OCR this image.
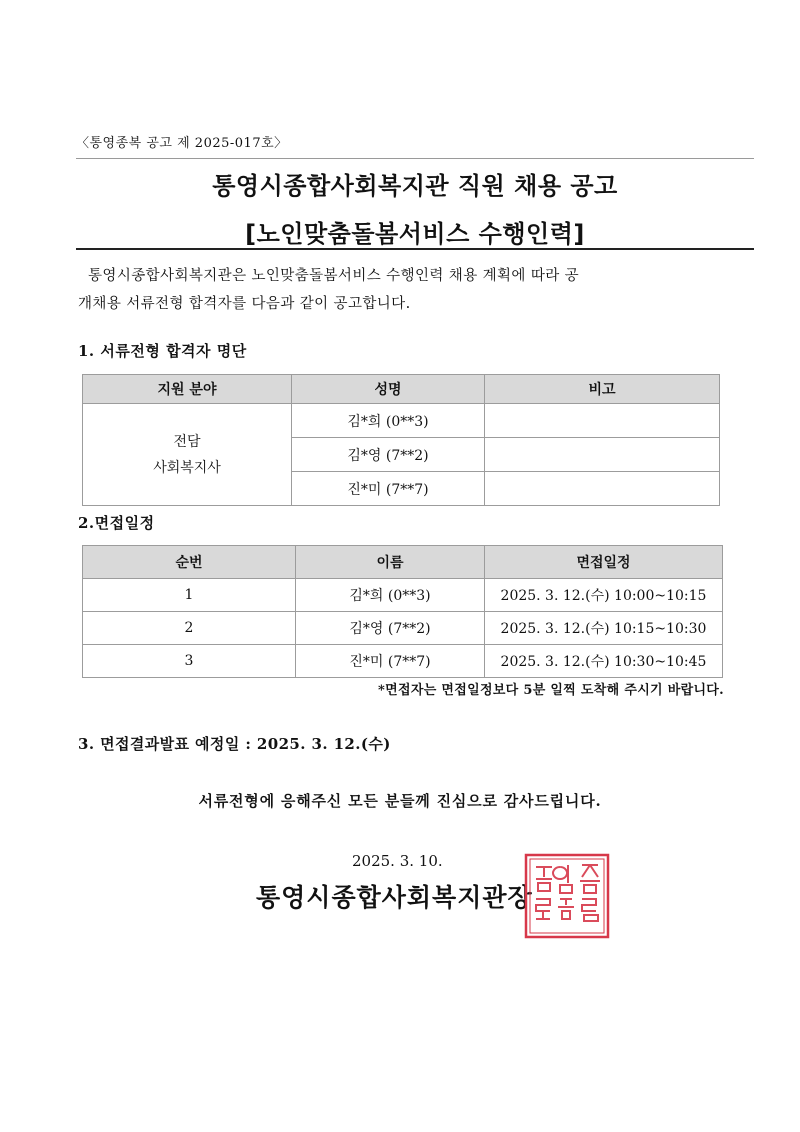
〈통영종복 공고 제 2025-017호〉
통영시종합사회복지관 직원 채용 공고
[노인맞춤돌봄서비스 수행인력]
통영시종합사회복지관은 노인맞춤돌봄서비스 수행인력 채용 계획에 따라 공
개채용 서류전형 합격자를 다음과 같이 공고합니다.
1. 서류전형 합격자 명단
지원 분야	성명	비고

전담
사회복지사	김*희 (0**3)	
	김*영 (7**2)	
	진*미 (7**7)	
2.면접일정
순번	이름	면접일정
1	김*희 (0**3)	2025. 3. 12.(수) 10:00~10:15
2	김*영 (7**2)	2025. 3. 12.(수) 10:15~10:30
3	진*미 (7**7)	2025. 3. 12.(수) 10:30~10:45
*면접자는 면접일정보다 5분 일찍 도착해 주시기 바랍니다.
3. 면접결과발표 예정일 : 2025. 3. 12.(수)
서류전형에 응해주신 모든 분들께 진심으로 감사드립니다.
2025. 3. 10.
통영시종합사회복지관장
